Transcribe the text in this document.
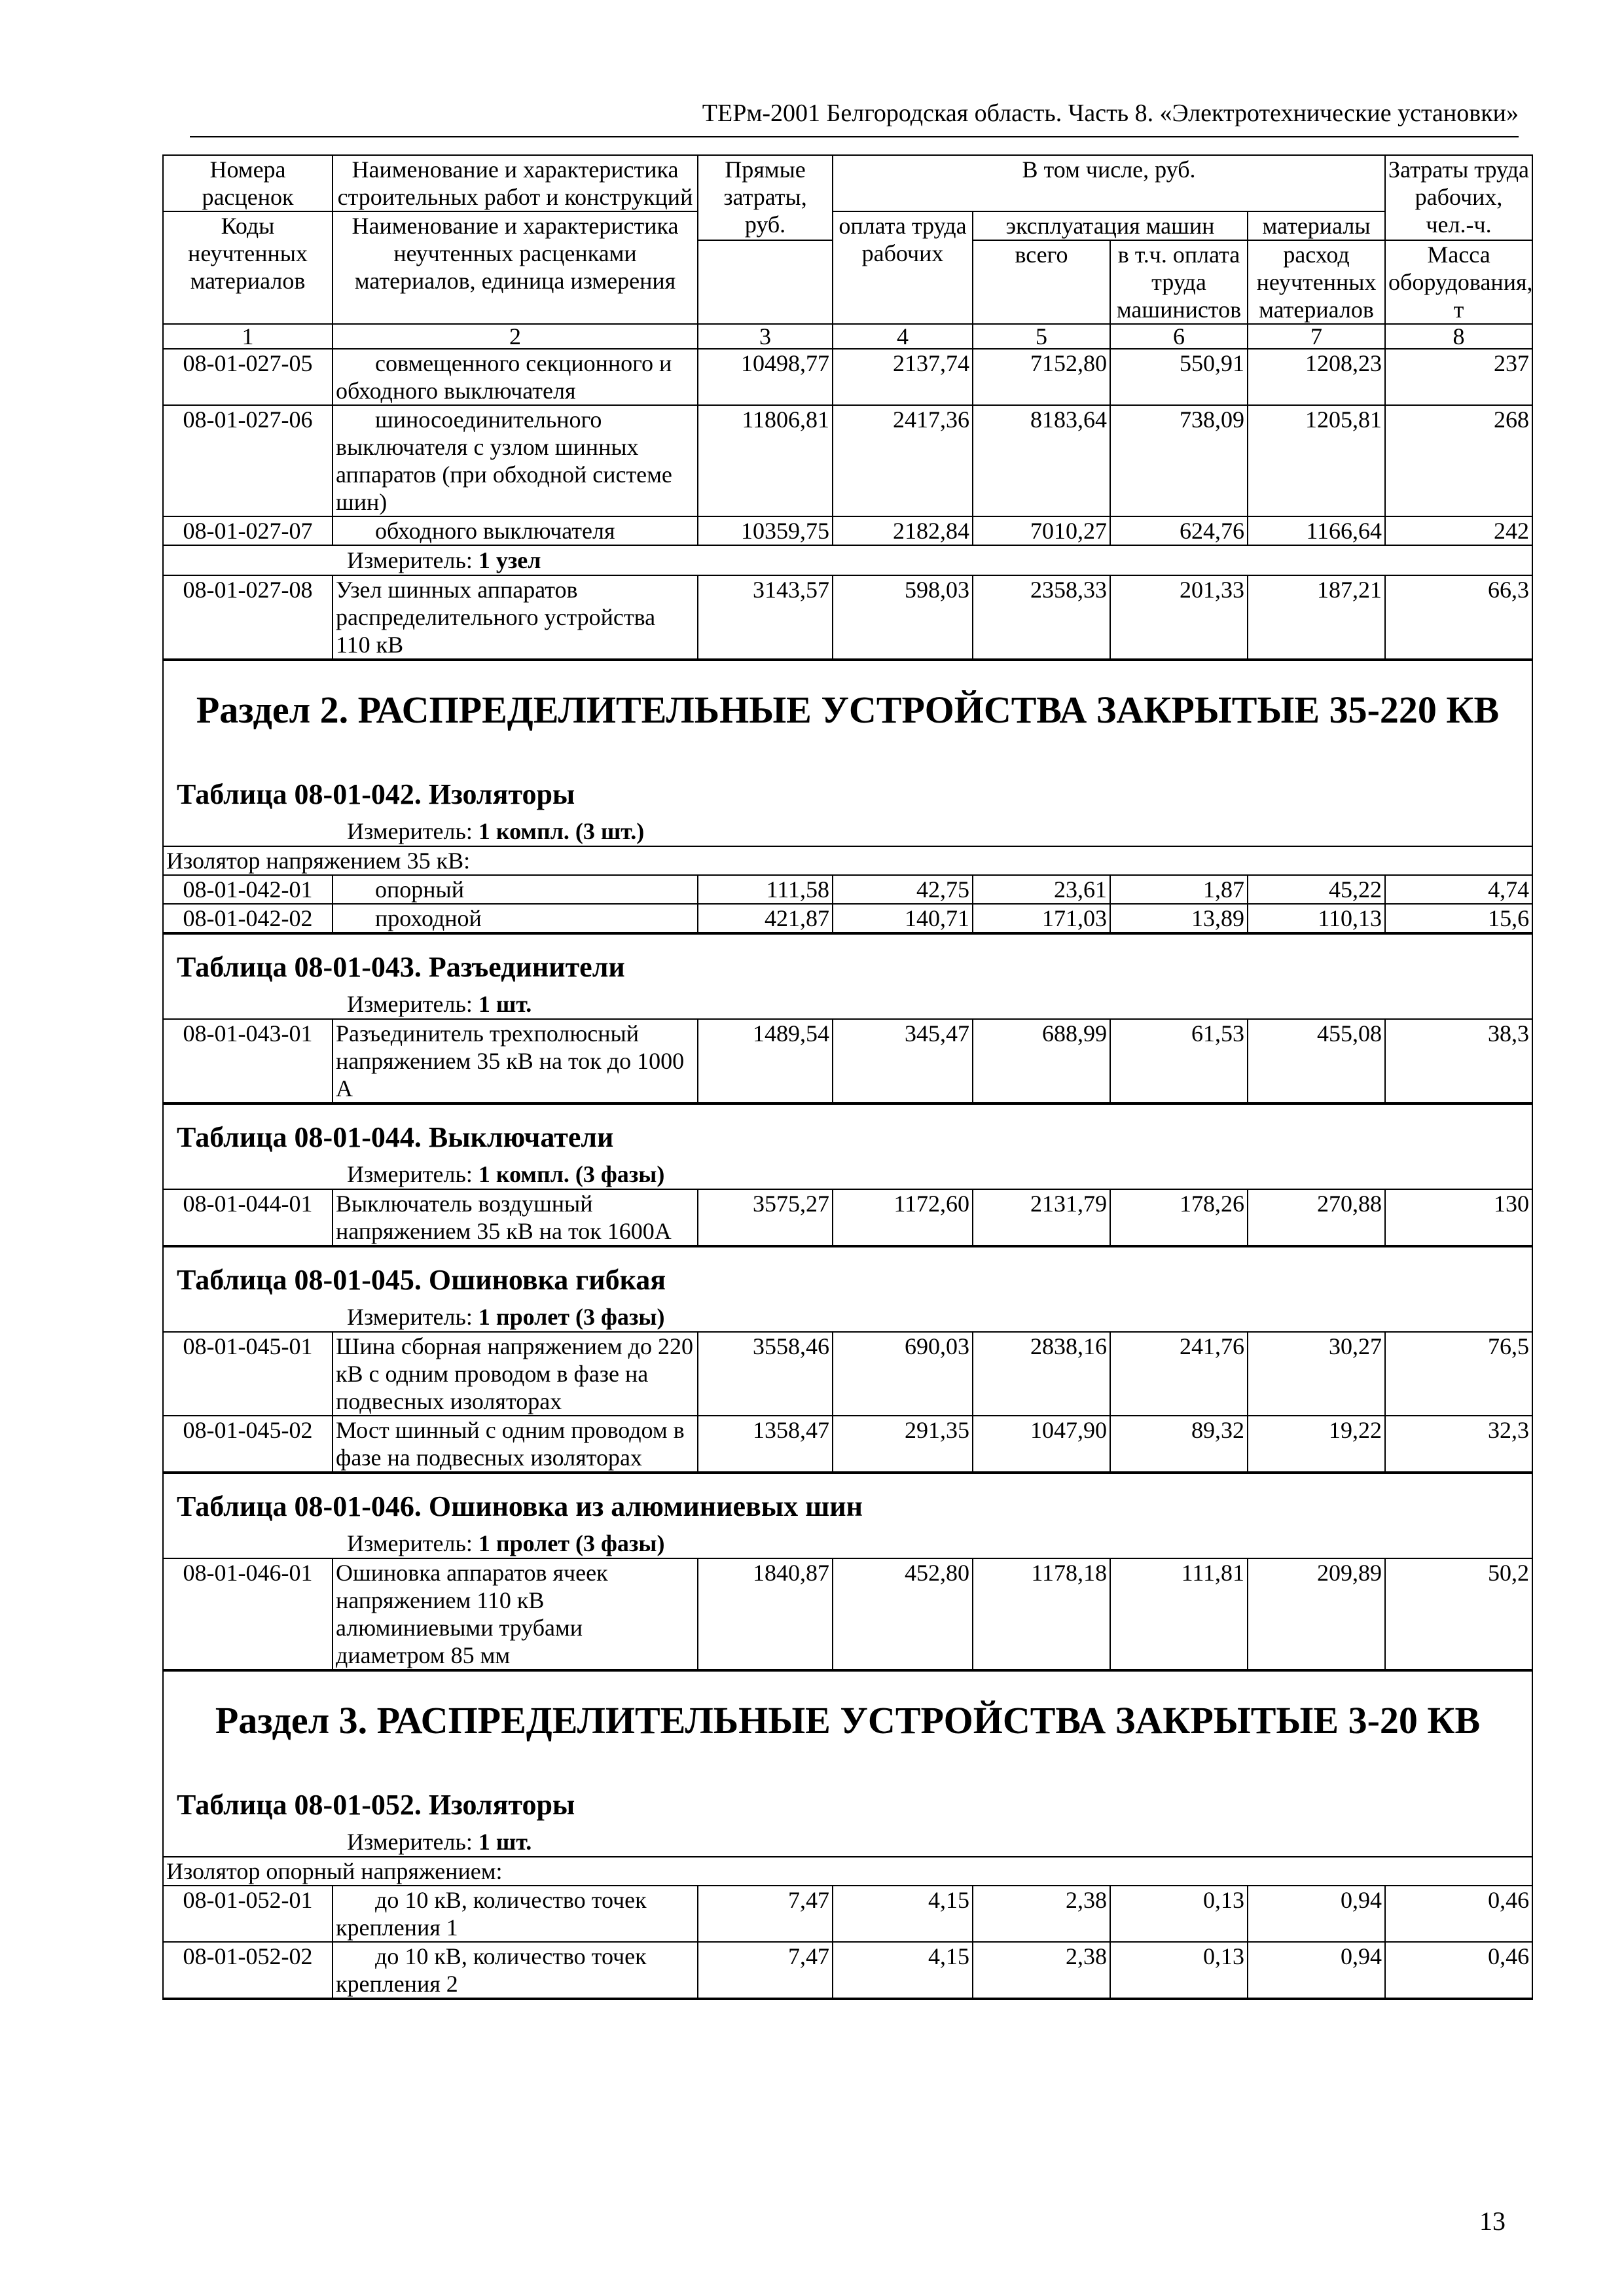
ТЕРм-2001 Белгородская область. Часть 8. «Электротехнические установки»
Номера расценок	Наименование и характеристика строительных работ и конструкций	Прямые затраты, руб.	В том числе, руб.				Затраты труда рабочих, чел.-ч.
Коды неучтенных материалов	Наименование и характеристика неучтенных расценками материалов, единица измерения		оплата труда рабочих	эксплуатация машин		материалы	
				всего	в т.ч. оплата труда машинистов	расход неучтенных материалов	
							Масса оборудования, т
1	2	3	4	5	6	7	8
08-01-027-05	совмещенного секционного и обходного выключателя	10498,77	2137,74	7152,80	550,91	1208,23	237
08-01-027-06	шиносоединительного выключателя с узлом шинных аппаратов (при обходной системе шин)	11806,81	2417,36	8183,64	738,09	1205,81	268
08-01-027-07	обходного выключателя	10359,75	2182,84	7010,27	624,76	1166,64	242
Измеритель: 1 узел
08-01-027-08	Узел шинных аппаратов распределительного устройства 110 кВ	3143,57	598,03	2358,33	201,33	187,21	66,3
Раздел 2. РАСПРЕДЕЛИТЕЛЬНЫЕ УСТРОЙСТВА ЗАКРЫТЫЕ 35-220 КВ
Таблица 08-01-042. Изоляторы
Измеритель: 1 компл. (3 шт.)
Изолятор напряжением 35 кВ:							
08-01-042-01	опорный	111,58	42,75	23,61	1,87	45,22	4,74
08-01-042-02	проходной	421,87	140,71	171,03	13,89	110,13	15,6
Таблица 08-01-043. Разъединители
Измеритель: 1 шт.
08-01-043-01	Разъединитель трехполюсный напряжением 35 кВ на ток до 1000 А	1489,54	345,47	688,99	61,53	455,08	38,3
Таблица 08-01-044. Выключатели
Измеритель: 1 компл. (3 фазы)
08-01-044-01	Выключатель воздушный напряжением 35 кВ на ток 1600А	3575,27	1172,60	2131,79	178,26	270,88	130
Таблица 08-01-045. Ошиновка гибкая
Измеритель: 1 пролет (3 фазы)
08-01-045-01	Шина сборная напряжением до 220 кВ с одним проводом в фазе на подвесных изоляторах	3558,46	690,03	2838,16	241,76	30,27	76,5
08-01-045-02	Мост шинный с одним проводом в фазе на подвесных изоляторах	1358,47	291,35	1047,90	89,32	19,22	32,3
Таблица 08-01-046. Ошиновка из алюминиевых шин
Измеритель: 1 пролет (3 фазы)
08-01-046-01	Ошиновка аппаратов ячеек напряжением 110 кВ алюминиевыми трубами диаметром 85 мм	1840,87	452,80	1178,18	111,81	209,89	50,2
Раздел 3. РАСПРЕДЕЛИТЕЛЬНЫЕ УСТРОЙСТВА ЗАКРЫТЫЕ 3-20 КВ
Таблица 08-01-052. Изоляторы
Измеритель: 1 шт.
Изолятор опорный напряжением:							
08-01-052-01	до 10 кВ, количество точек крепления 1	7,47	4,15	2,38	0,13	0,94	0,46
08-01-052-02	до 10 кВ, количество точек крепления 2	7,47	4,15	2,38	0,13	0,94	0,46
13
